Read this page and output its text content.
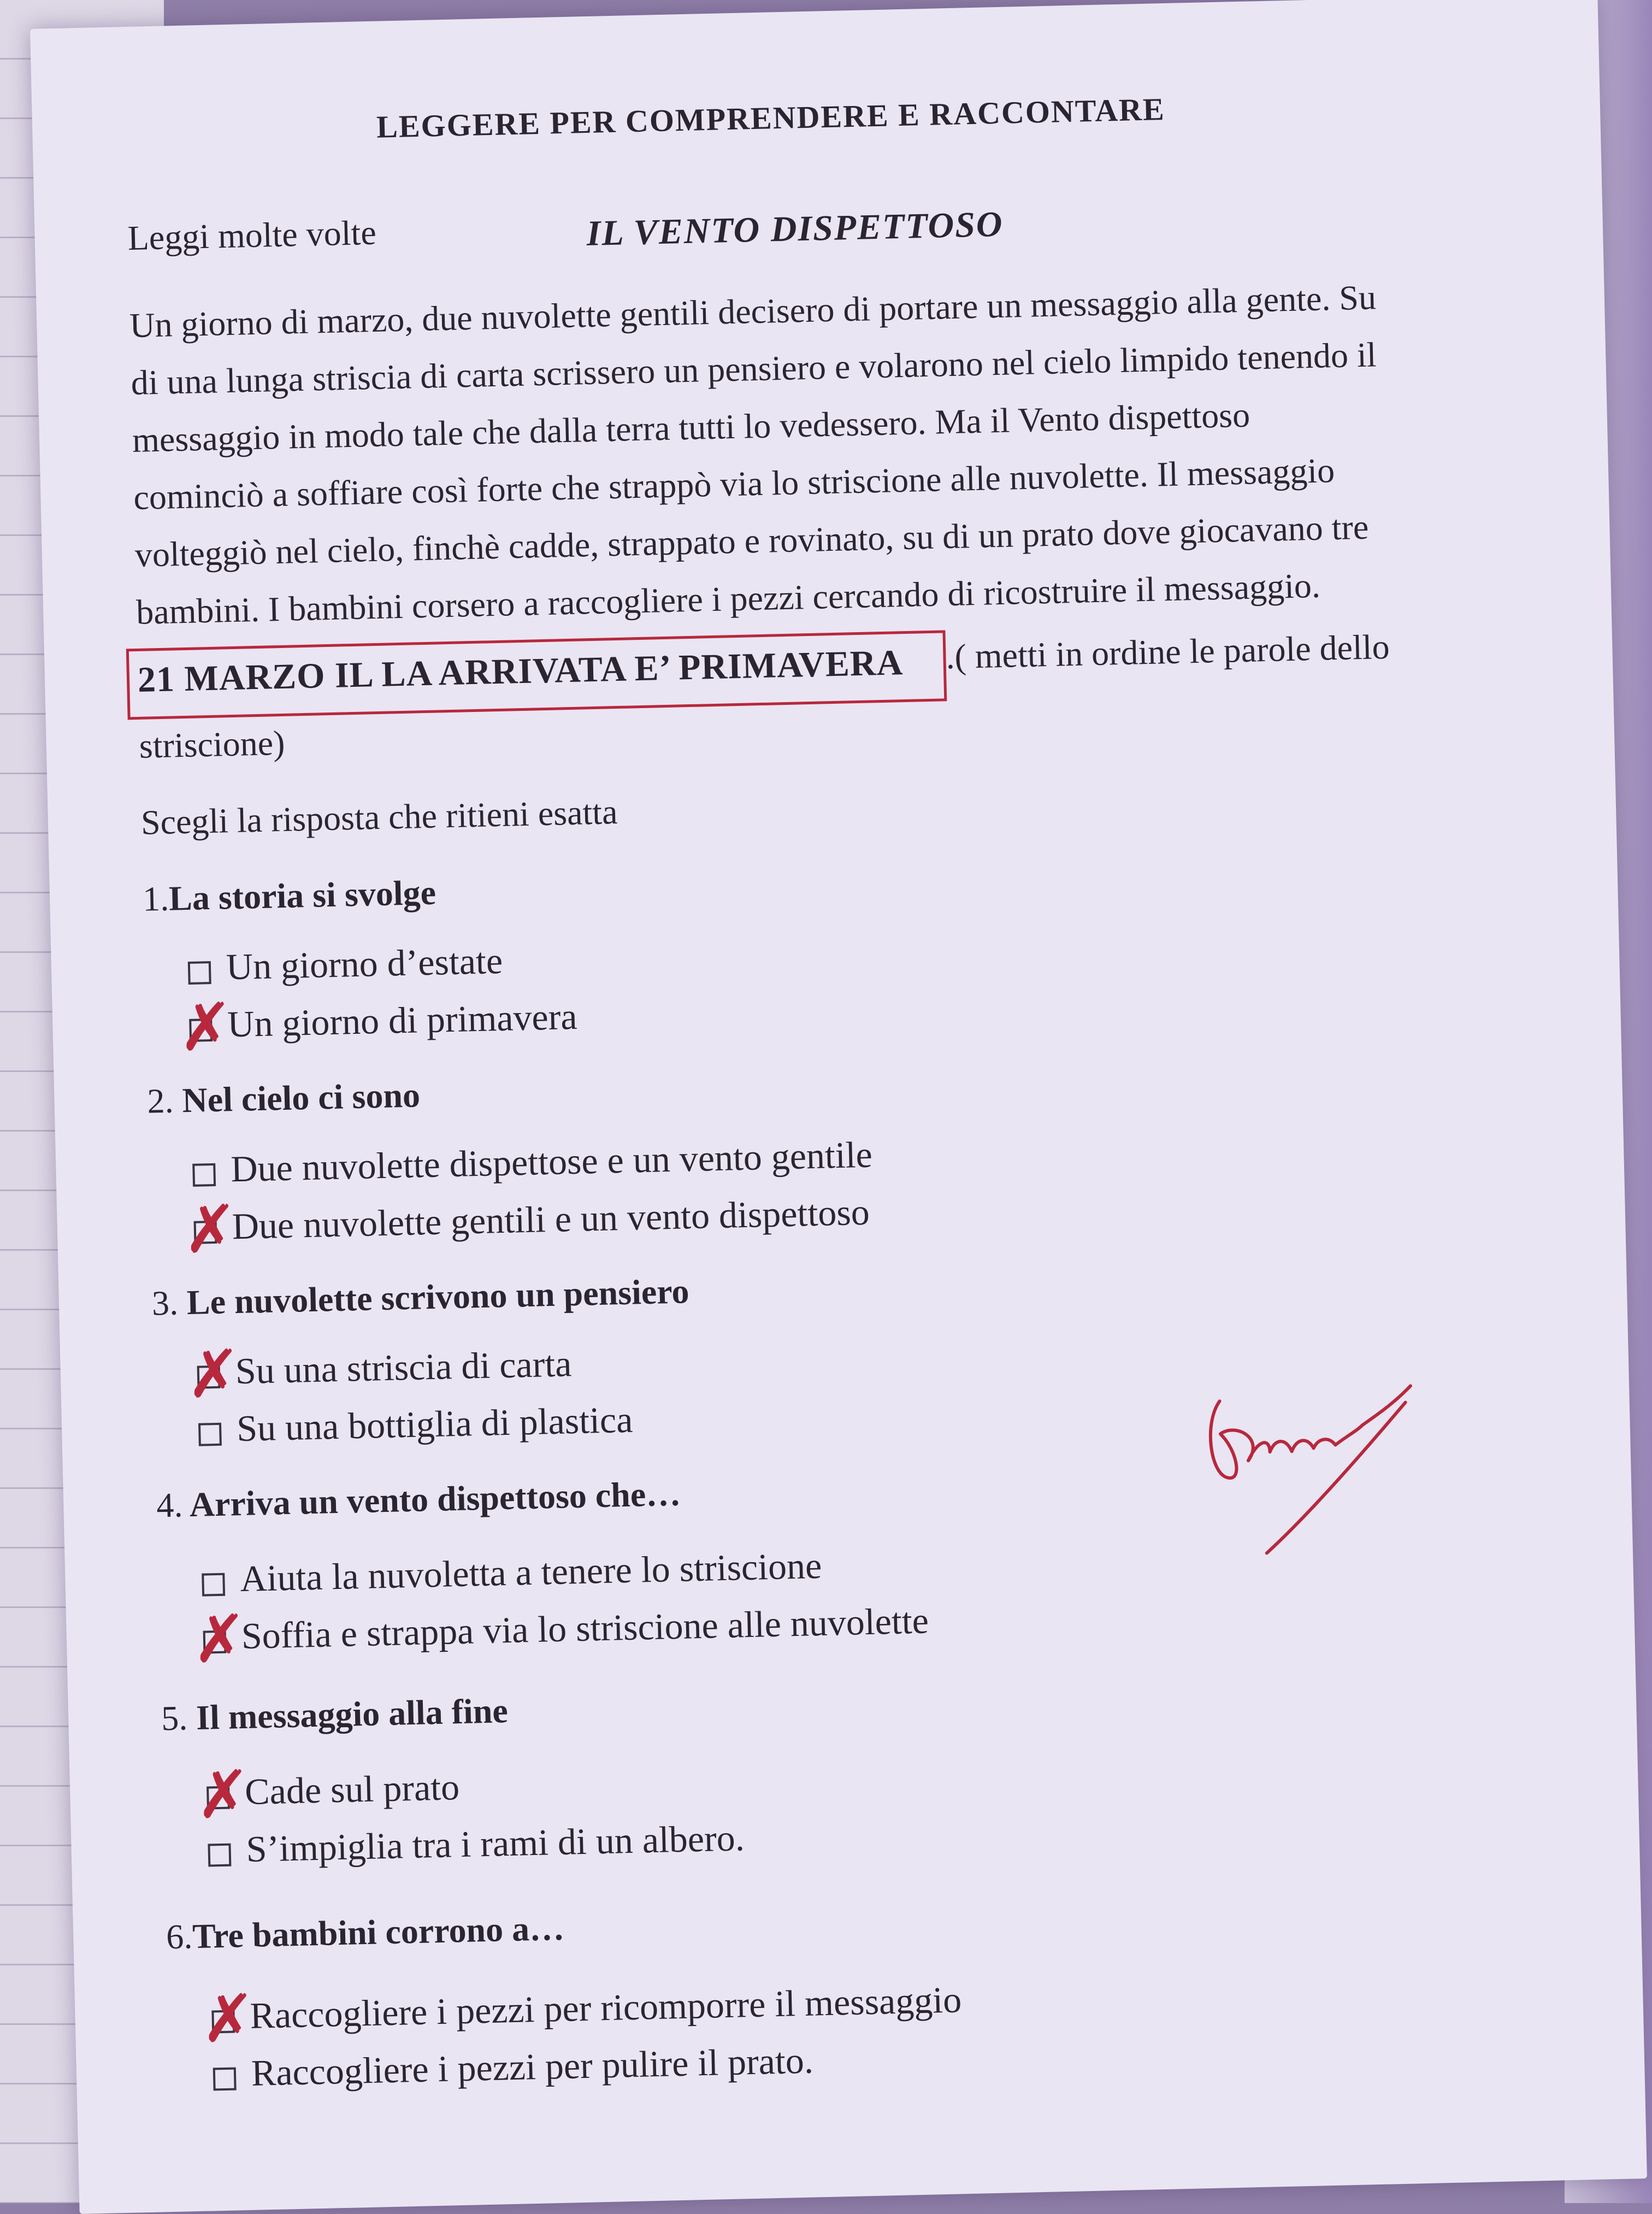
LEGGERE PER COMPRENDERE E RACCONTARE
Leggi molte volte	IL VENTO DISPETTOSO
Un giorno di marzo, due nuvolette gentili decisero di portare un messaggio alla gente. Su
di una lunga striscia di carta scrissero un pensiero e volarono nel cielo limpido tenendo il
messaggio in modo tale che dalla terra tutti lo vedessero. Ma il Vento dispettoso
cominciò a soffiare così forte che strappò via lo striscione alle nuvolette. Il messaggio
volteggiò nel cielo, finchè cadde, strappato e rovinato, su di un prato dove giocavano tre
bambini. I bambini corsero a raccogliere i pezzi cercando di ricostruire il messaggio.
21 MARZO IL LA ARRIVATA E’ PRIMAVERA .( metti in ordine le parole dello
striscione)
Scegli la risposta che ritieni esatta
1.La storia si svolge
Un giorno d’estate
✗
Un giorno di primavera
2. Nel cielo ci sono
Due nuvolette dispettose e un vento gentile
✗
Due nuvolette gentili e un vento dispettoso
3. Le nuvolette scrivono un pensiero
✗
Su una striscia di carta
Su una bottiglia di plastica
4. Arriva un vento dispettoso che…
Aiuta la nuvoletta a tenere lo striscione
✗
Soffia e strappa via lo striscione alle nuvolette
5. Il messaggio alla fine
✗
Cade sul prato
S’impiglia tra i rami di un albero.
6.Tre bambini corrono a…
✗
Raccogliere i pezzi per ricomporre il messaggio
Raccogliere i pezzi per pulire il prato.
